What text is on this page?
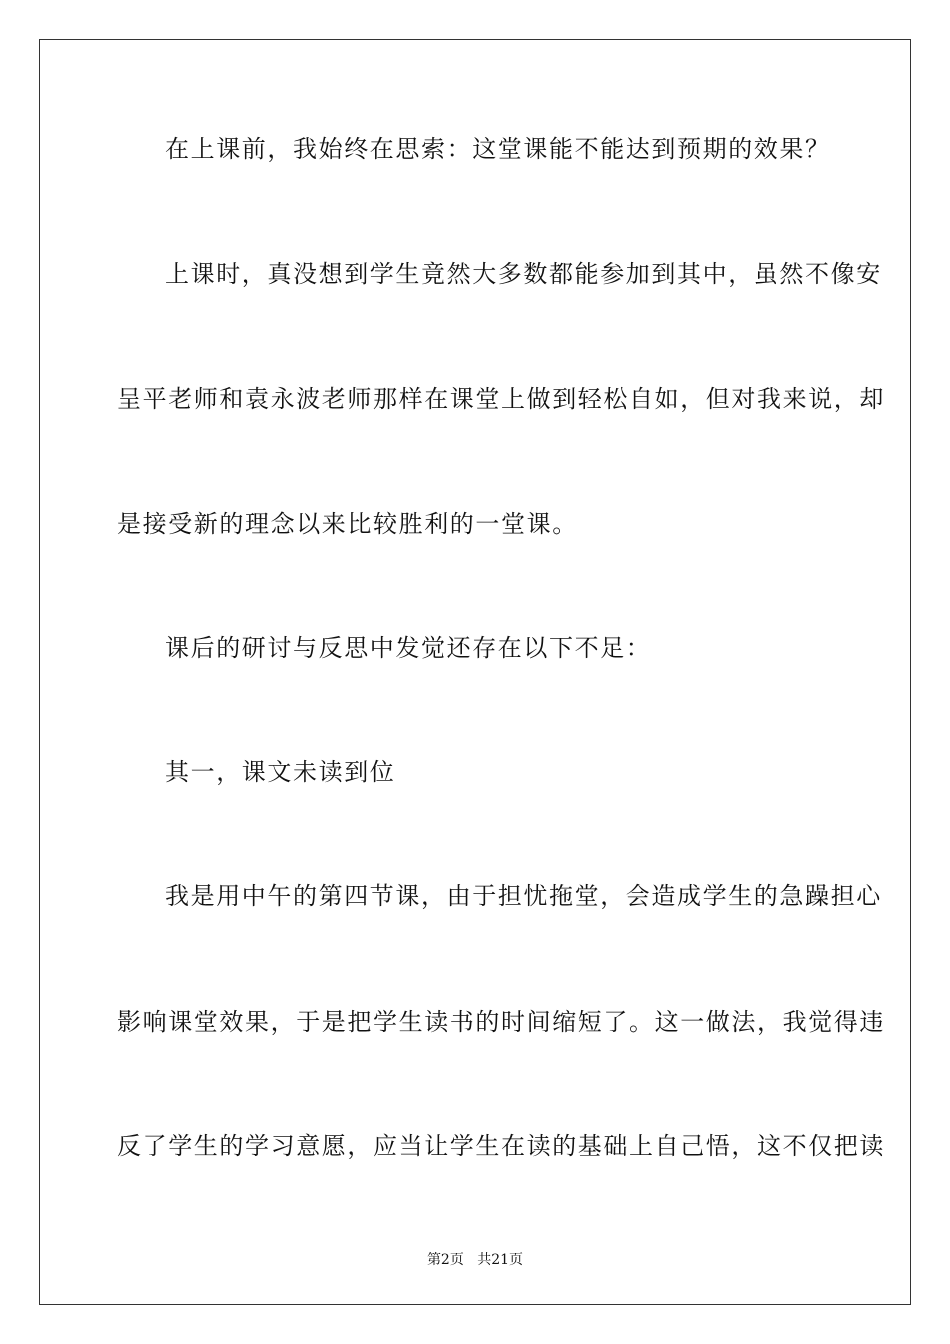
在上课前，我始终在思索：这堂课能不能达到预期的效果？
上课时，真没想到学生竟然大多数都能参加到其中，虽然不像安
呈平老师和袁永波老师那样在课堂上做到轻松自如，但对我来说，却
是接受新的理念以来比较胜利的一堂课。
课后的研讨与反思中发觉还存在以下不足：
其一，课文未读到位
我是用中午的第四节课，由于担忧拖堂，会造成学生的急躁担心
影响课堂效果，于是把学生读书的时间缩短了。这一做法，我觉得违
反了学生的学习意愿，应当让学生在读的基础上自己悟，这不仅把读
第2页 共21页
